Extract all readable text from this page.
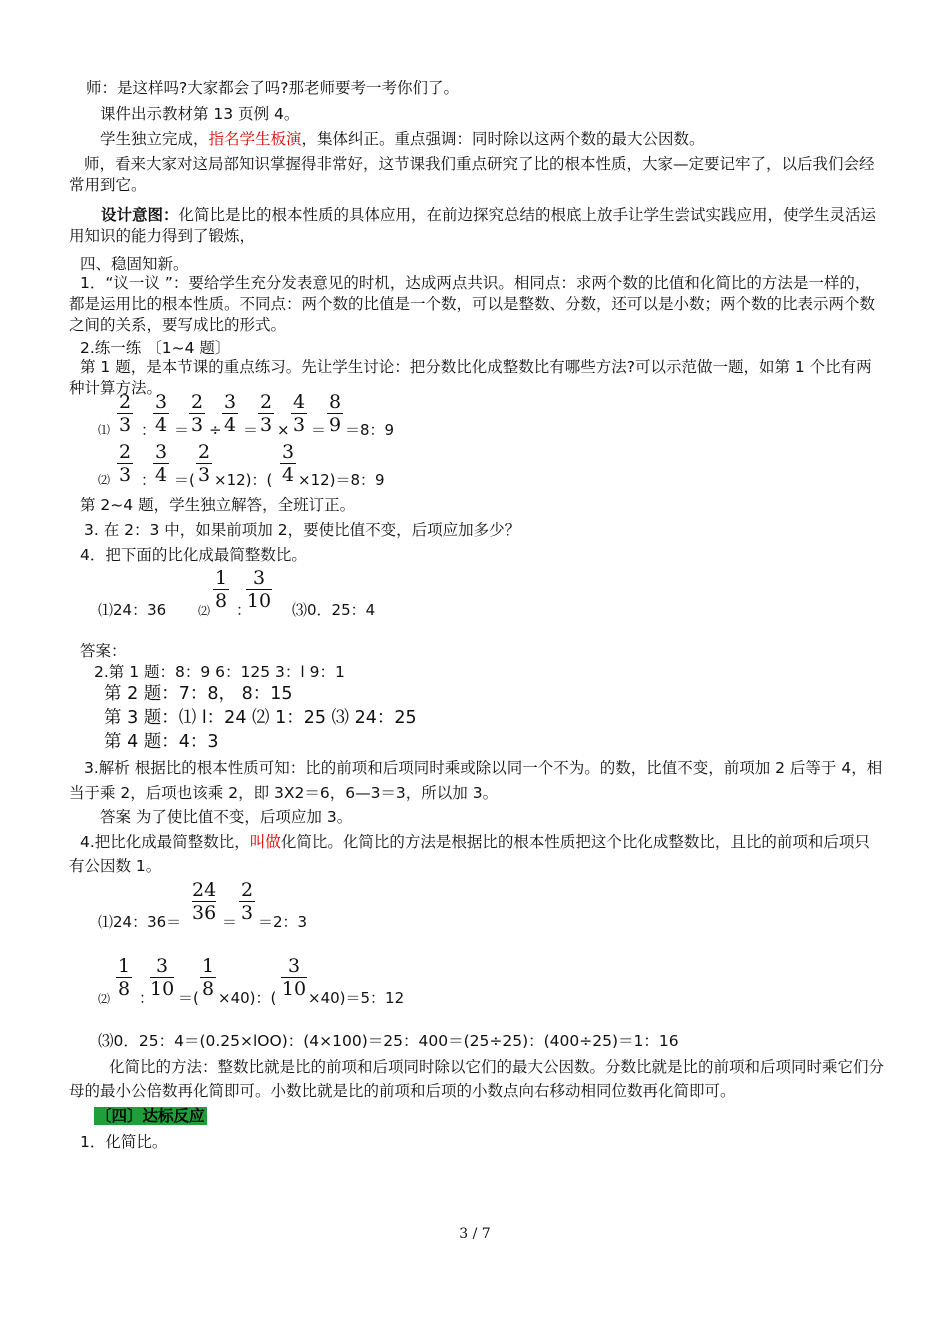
师：是这样吗?大家都会了吗?那老师要考一考你们了。
课件出示教材第 13 页例 4。
学生独立完成，指名学生板演，集体纠正。重点强调：同时除以这两个数的最大公因数。
师，看来大家对这局部知识掌握得非常好，这节课我们重点研究了比的根本性质，大家—定要记牢了，以后我们会经常用到它。
设计意图：化简比是比的根本性质的具体应用，在前边探究总结的根底上放手让学生尝试实践应用，使学生灵活运用知识的能力得到了锻炼，
四、稳固知新。
1．“议一议 ”：要给学生充分发表意见的时机，达成两点共识。相同点：求两个数的比值和化简比的方法是一样的，都是运用比的根本性质。不同点：两个数的比值是一个数，可以是整数、分数，还可以是小数；两个数的比表示两个数之间的关系，要写成比的形式。
2.练一练 〔1~4 题〕
第 1 题，是本节课的重点练习。先让学生讨论：把分数比化成整数比有哪些方法?可以示范做一题，如第 1 个比有两种计算方法。
⑴
2
3 ：
3
4 ＝
2
3 ÷
3
4 ＝
2
3 ×
4
3 ＝
8
9 ＝8：9
⑵
2
3 ：
3
4 ＝(
2
3 ×12)：(
3
4 ×12)＝8：9
第 2~4 题，学生独立解答，全班订正。
3. 在 2：3 中，如果前项加 2，要使比值不变，后项应加多少？
4．把下面的比化成最简整数比。
⑴24：36	⑵
1
8 ：
3
10 ⑶0．25：4
答案：
2.第 1 题：8：9 6：125 3：l 9：1
第 2 题：7：8， 8：15
第 3 题：⑴ l：24 ⑵ 1：25 ⑶ 24：25
第 4 题：4：3
3.解析 根据比的根本性质可知：比的前项和后项同时乘或除以同一个不为。的数，比值不变，前项加 2 后等于 4，相当于乘 2，后项也该乘 2，即 3X2＝6，6—3＝3，所以加 3。
答案 为了使比值不变，后项应加 3。
4.把比化成最简整数比，叫做化简比。化简比的方法是根据比的根本性质把这个比化成整数比，且比的前项和后项只有公因数 1。
⑴24：36＝
24
36 ＝
2
3 ＝2：3
⑵
1
8 ：
3
10 ＝(
1
8 ×40)：(
3
10 ×40)＝5：12
⑶0．25：4＝(0.25×lOO)：(4×100)＝25：400＝(25÷25)：(400÷25)＝1：16
化简比的方法：整数比就是比的前项和后项同时除以它们的最大公因数。分数比就是比的前项和后项同时乘它们分母的最小公倍数再化简即可。小数比就是比的前项和后项的小数点向右移动相同位数再化简即可。
〔四〕达标反应
1．化简比。
3 / 7
